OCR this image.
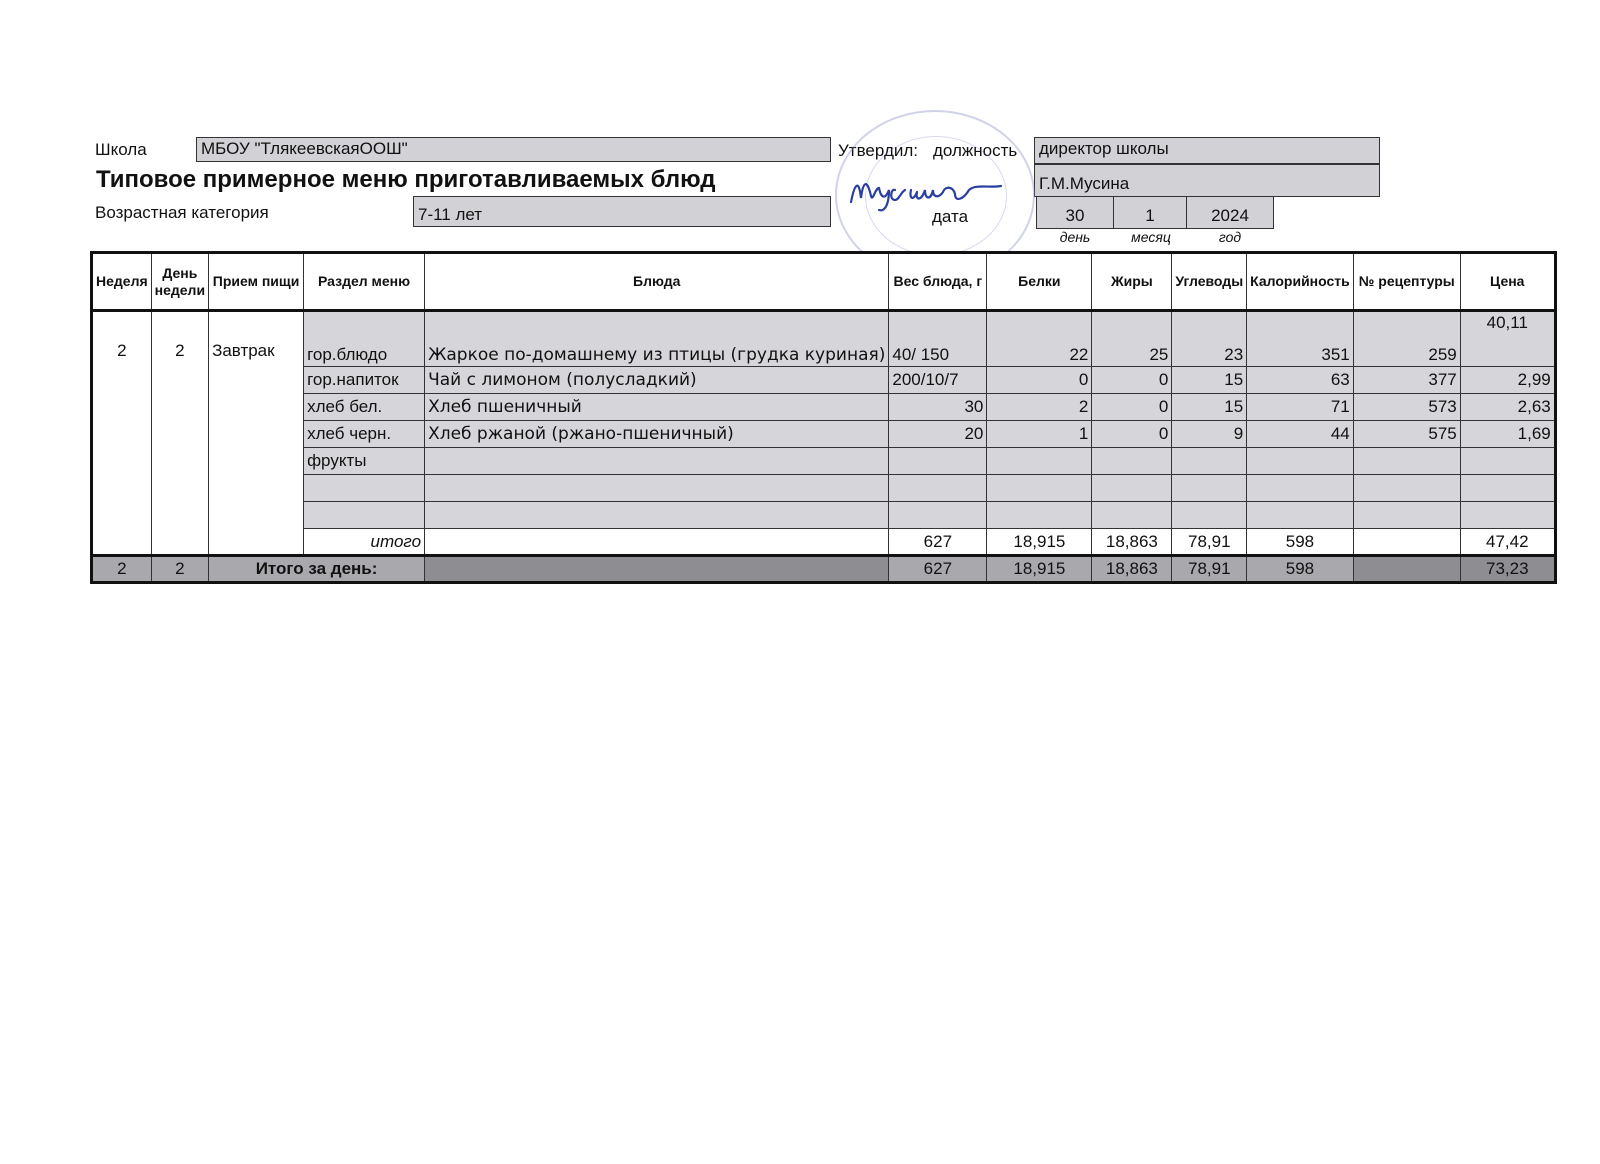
Школа	МБОУ "ТлякеевскаяООШ"	Утвердил: должность директор школы
Г.М.Мусина
Типовое примерное меню приготавливаемых блюд
Возрастная категория	7-11 лет	дата	30	1	2024
день	месяц	год
Неделя	День недели	Прием пищи	Раздел меню	Блюда	Вес блюда, г	Белки	Жиры	Углеводы	Калорийность	№ рецептуры	Цена
2	2	Завтрак	гор.блюдо	Жаркое по-домашнему из птицы (грудка куриная)	40/ 150	22	25	23	351	259	40,11
			гор.напиток	Чай с лимоном (полусладкий)	200/10/7	0	0	15	63	377	2,99
			хлеб бел.	Хлеб пшеничный	30	2	0	15	71	573	2,63
			хлеб черн.	Хлеб ржаной (ржано-пшеничный)	20	1	0	9	44	575	1,69
			фрукты								

			итого		627	18,915	18,863	78,91	598		47,42
2	2	Итого за день:			627	18,915	18,863	78,91	598		73,23
